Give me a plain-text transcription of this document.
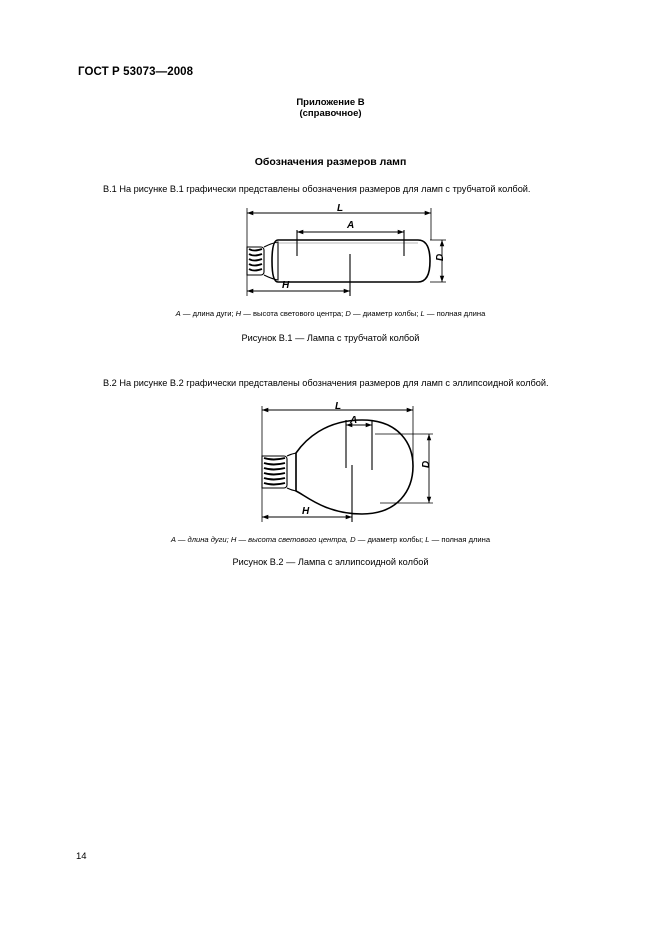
ГОСТ Р 53073—2008
Приложение В
(справочное)
Обозначения размеров ламп
В.1 На рисунке В.1 графически представлены обозначения размеров для ламп с трубчатой колбой.
L
A
H
D
A — длина дуги; H — высота светового центра; D — диаметр колбы; L — полная длина
Рисунок В.1 — Лампа с трубчатой колбой
В.2 На рисунке В.2 графически представлены обозначения размеров для ламп с эллипсоидной колбой.
L
A
H
D
A — длина дуги; H — высота светового центра, D — диаметр колбы; L — полная длина
Рисунок В.2 — Лампа с эллипсоидной колбой
14
